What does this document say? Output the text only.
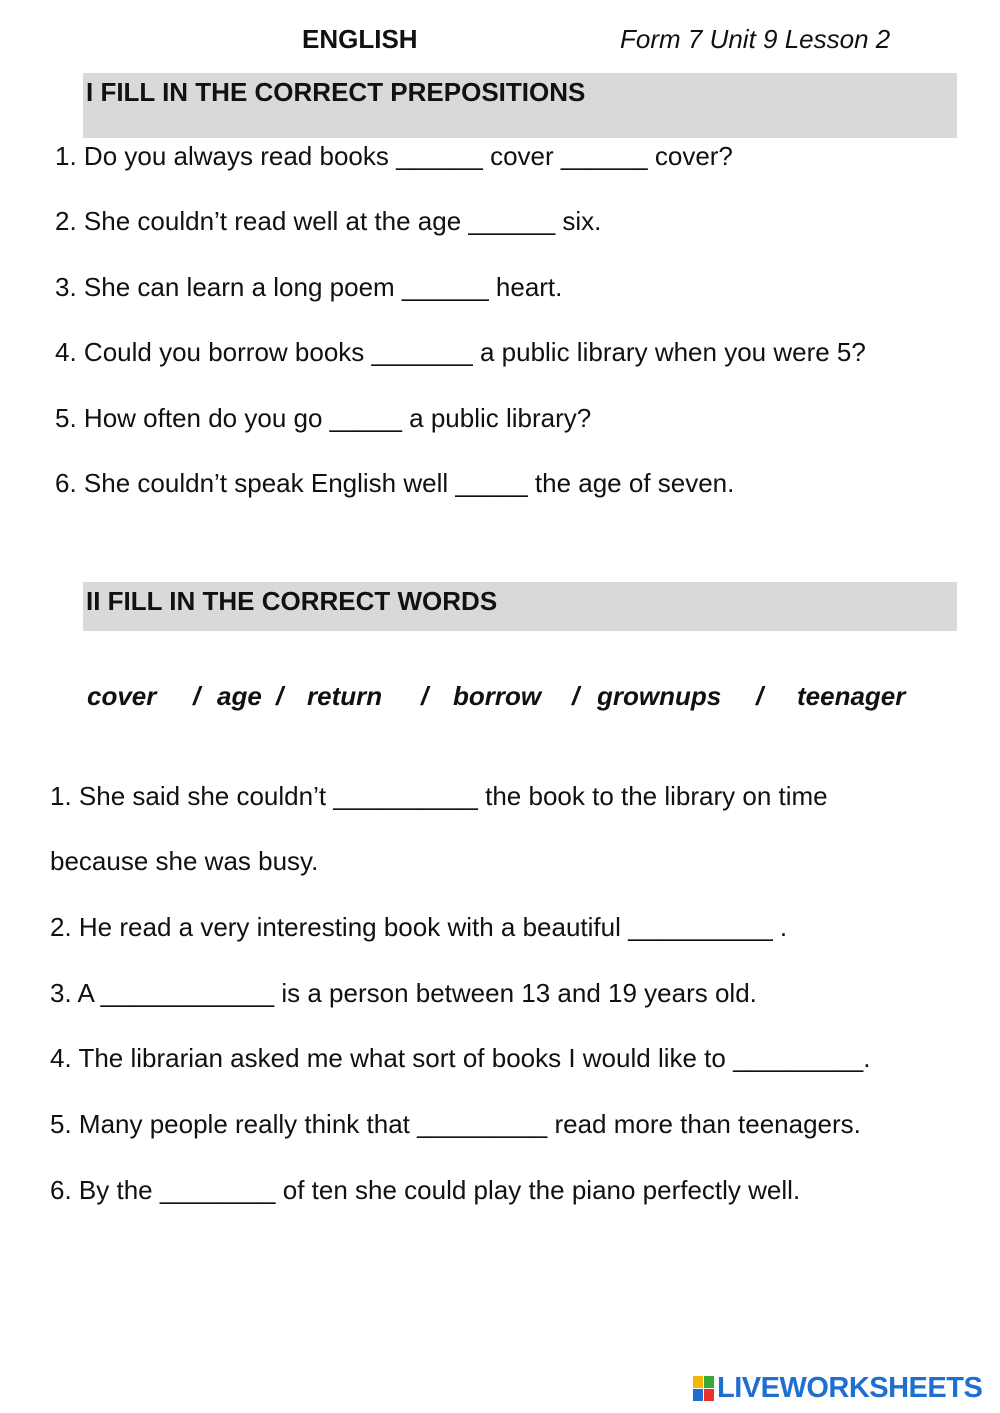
ENGLISH	Form 7 Unit 9 Lesson 2
I FILL IN THE CORRECT PREPOSITIONS
1. Do you always read books ______ cover ______ cover?
2. She couldn’t read well at the age ______ six.
3. She can learn a long poem ______ heart.
4. Could you borrow books _______ a public library when you were 5?
5. How often do you go _____ a public library?
6. She couldn’t speak English well _____ the age of seven.
II FILL IN THE CORRECT WORDS
cover / age / return / borrow / grownups / teenager
1. She said she couldn’t __________ the book to the library on time
because she was busy.
2. He read a very interesting book with a beautiful __________ .
3. A ____________ is a person between 13 and 19 years old.
4. The librarian asked me what sort of books I would like to _________.
5. Many people really think that _________ read more than teenagers.
6. By the ________ of ten she could play the piano perfectly well.
LIVEWORKSHEETS
